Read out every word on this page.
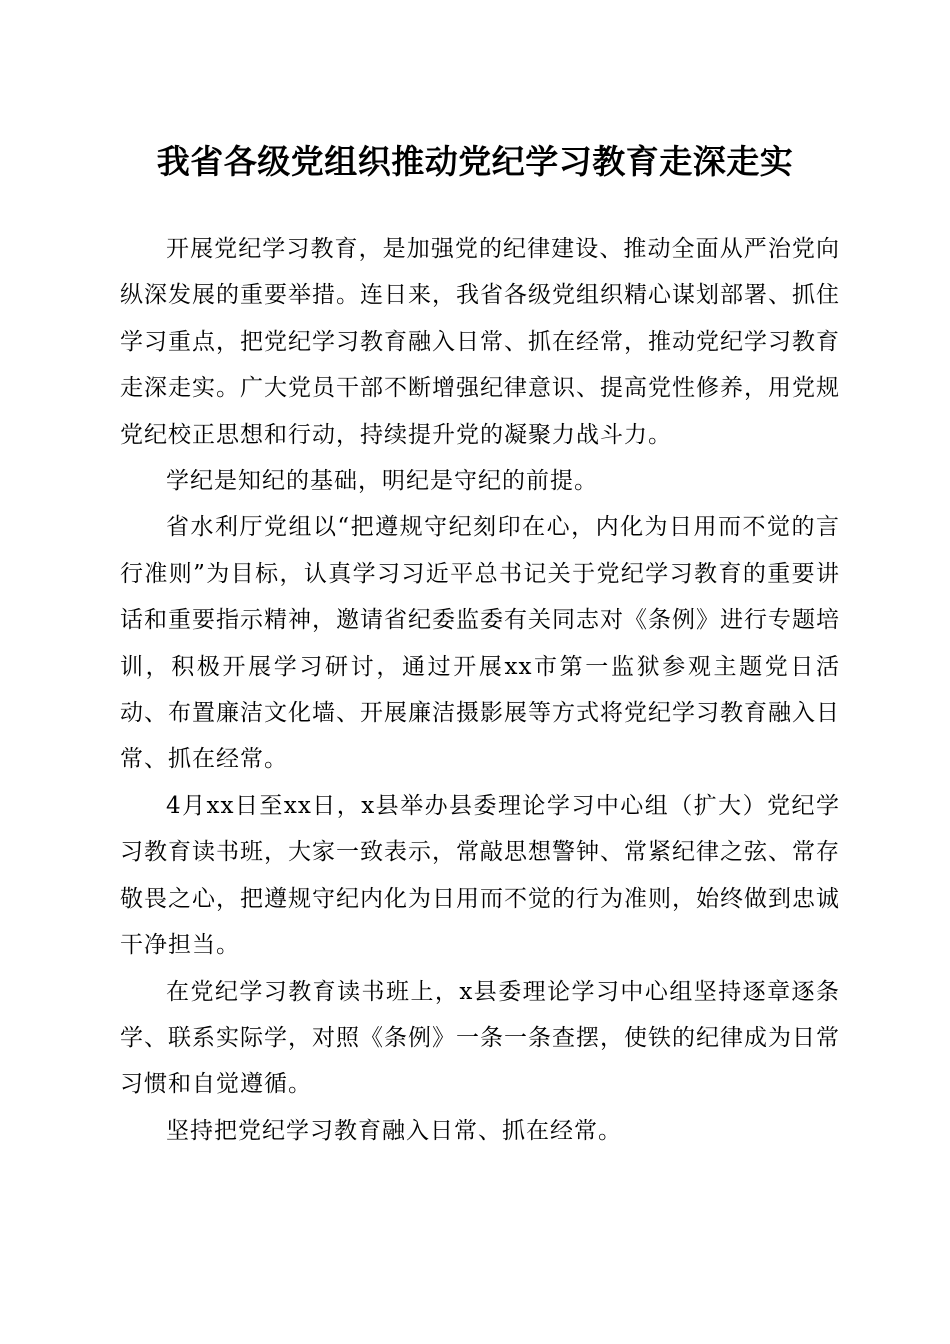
我省各级党组织推动党纪学习教育走深走实

开展党纪学习教育，是加强党的纪律建设、推动全面从严治党向纵深发展的重要举措。连日来，我省各级党组织精心谋划部署、抓住学习重点，把党纪学习教育融入日常、抓在经常，推动党纪学习教育走深走实。广大党员干部不断增强纪律意识、提高党性修养，用党规党纪校正思想和行动，持续提升党的凝聚力战斗力。

学纪是知纪的基础，明纪是守纪的前提。

省水利厅党组以“把遵规守纪刻印在心，内化为日用而不觉的言行准则”为目标，认真学习习近平总书记关于党纪学习教育的重要讲话和重要指示精神，邀请省纪委监委有关同志对《条例》进行专题培训，积极开展学习研讨，通过开展xx市第一监狱参观主题党日活动、布置廉洁文化墙、开展廉洁摄影展等方式将党纪学习教育融入日常、抓在经常。

4月xx日至xx日，x县举办县委理论学习中心组（扩大）党纪学习教育读书班，大家一致表示，常敲思想警钟、常紧纪律之弦、常存敬畏之心，把遵规守纪内化为日用而不觉的行为准则，始终做到忠诚干净担当。

在党纪学习教育读书班上，x县委理论学习中心组坚持逐章逐条学、联系实际学，对照《条例》一条一条查摆，使铁的纪律成为日常习惯和自觉遵循。

坚持把党纪学习教育融入日常、抓在经常。
